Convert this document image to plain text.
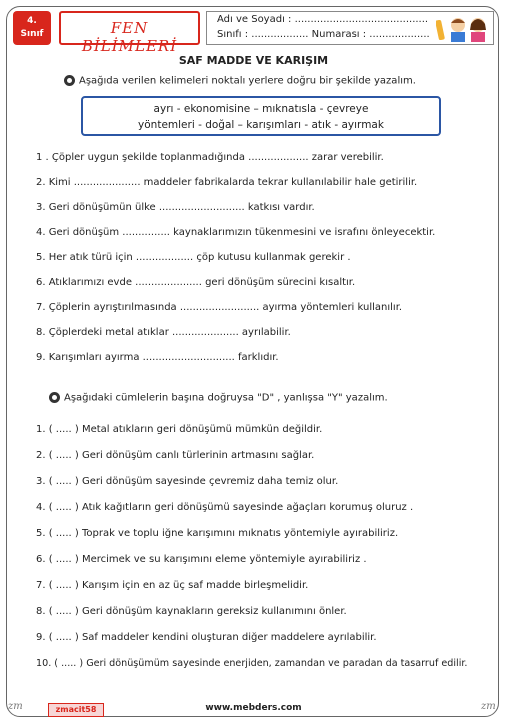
4.
Sınıf	FEN BİLİMLERİ
Adı ve Soyadı : ..........................................
Sınıfı : .................. Numarası : ...................
SAF MADDE VE KARIŞIM
Aşağıda verilen kelimeleri noktalı yerlere doğru bir şekilde yazalım.
ayrı - ekonomisine – mıknatısla - çevreye
yöntemleri - doğal – karışımları - atık - ayırmak
1 . Çöpler uygun şekilde toplanmadığında ................... zarar verebilir.
2. Kimi ..................... maddeler fabrikalarda tekrar kullanılabilir hale getirilir.
3. Geri dönüşümün ülke ........................... katkısı vardır.
4. Geri dönüşüm ............... kaynaklarımızın tükenmesini ve israfını önleyecektir.
5. Her atık türü için .................. çöp kutusu kullanmak gerekir .
6. Atıklarımızı evde ..................... geri dönüşüm sürecini kısaltır.
7. Çöplerin ayrıştırılmasında ......................... ayırma yöntemleri kullanılır.
8. Çöplerdeki metal atıklar ..................... ayrılabilir.
9. Karışımları ayırma ............................. farklıdır.
Aşağıdaki cümlelerin başına doğruysa "D" , yanlışsa "Y" yazalım.
1. ( ..... ) Metal atıkların geri dönüşümü mümkün değildir.
2. ( ..... ) Geri dönüşüm canlı türlerinin artmasını sağlar.
3. ( ..... ) Geri dönüşüm sayesinde çevremiz daha temiz olur.
4. ( ..... ) Atık kağıtların geri dönüşümü sayesinde ağaçları korumuş oluruz .
5. ( ..... ) Toprak ve toplu iğne karışımını mıknatıs yöntemiyle ayırabiliriz.
6. ( ..... ) Mercimek ve su karışımını eleme yöntemiyle ayırabiliriz .
7. ( ..... ) Karışım için en az üç saf madde birleşmelidir.
8. ( ..... ) Geri dönüşüm kaynakların gereksiz kullanımını önler.
9. ( ..... ) Saf maddeler kendini oluşturan diğer maddelere ayrılabilir.
10. ( ..... ) Geri dönüşümüm sayesinde enerjiden, zamandan ve paradan da tasarruf edilir.
zm	zmacit58	www.mebders.com	zm
